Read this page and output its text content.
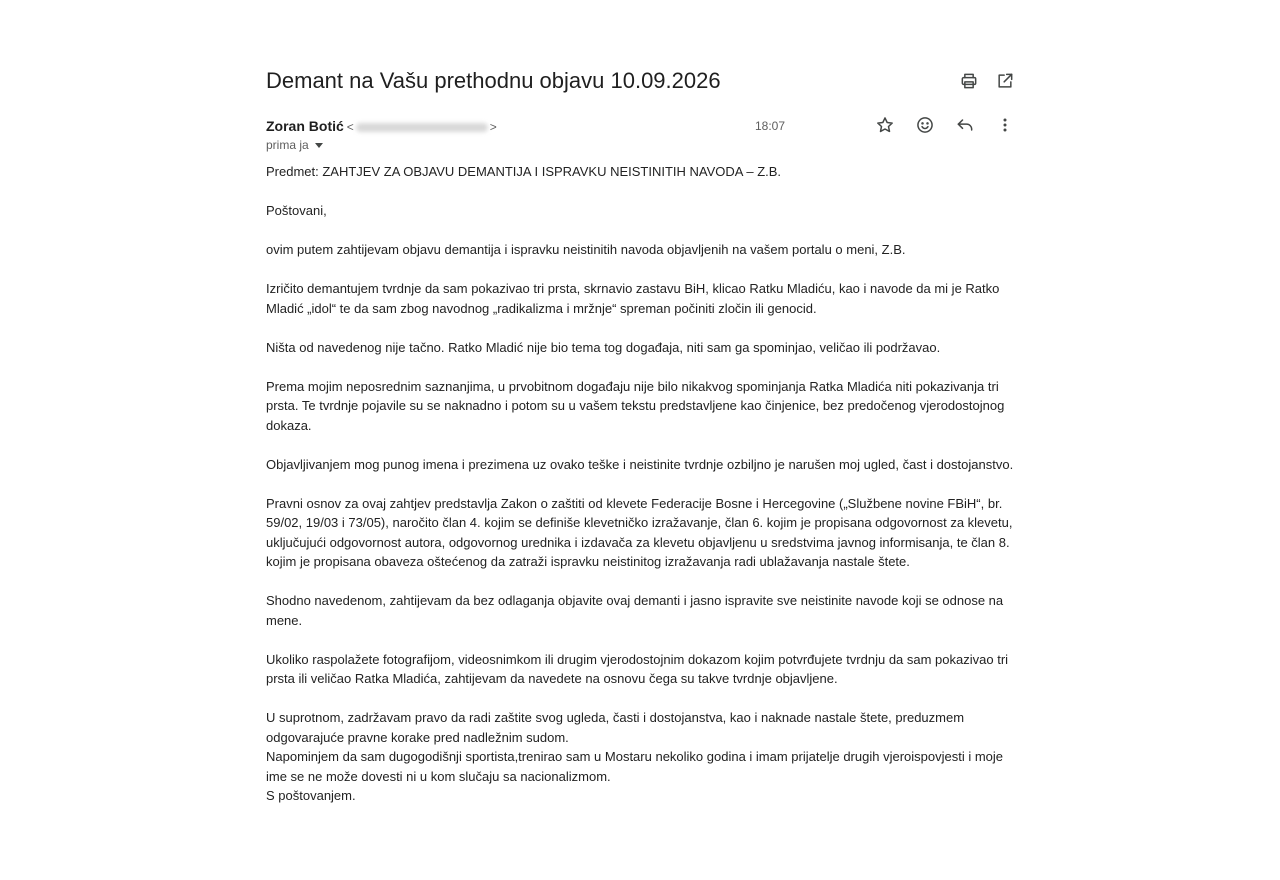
Demant na Vašu prethodnu objavu 10.09.2026
Zoran Botić <	>	18:07
prima ja

Predmet: ZAHTJEV ZA OBJAVU DEMANTIJA I ISPRAVKU NEISTINITIH NAVODA – Z.B.

Poštovani,

ovim putem zahtijevam objavu demantija i ispravku neistinitih navoda objavljenih na vašem portalu o meni, Z.B.

Izričito demantujem tvrdnje da sam pokazivao tri prsta, skrnavio zastavu BiH, klicao Ratku Mladiću, kao i navode da mi je Ratko Mladić „idol“ te da sam zbog navodnog „radikalizma i mržnje“ spreman počiniti zločin ili genocid.

Ništa od navedenog nije tačno. Ratko Mladić nije bio tema tog događaja, niti sam ga spominjao, veličao ili podržavao.

Prema mojim neposrednim saznanjima, u prvobitnom događaju nije bilo nikakvog spominjanja Ratka Mladića niti pokazivanja tri prsta. Te tvrdnje pojavile su se naknadno i potom su u vašem tekstu predstavljene kao činjenice, bez predočenog vjerodostojnog dokaza.

Objavljivanjem mog punog imena i prezimena uz ovako teške i neistinite tvrdnje ozbiljno je narušen moj ugled, čast i dostojanstvo.

Pravni osnov za ovaj zahtjev predstavlja Zakon o zaštiti od klevete Federacije Bosne i Hercegovine („Službene novine FBiH“, br. 59/02, 19/03 i 73/05), naročito član 4. kojim se definiše klevetničko izražavanje, član 6. kojim je propisana odgovornost za klevetu, uključujući odgovornost autora, odgovornog urednika i izdavača za klevetu objavljenu u sredstvima javnog informisanja, te član 8. kojim je propisana obaveza oštećenog da zatraži ispravku neistinitog izražavanja radi ublažavanja nastale štete.

Shodno navedenom, zahtijevam da bez odlaganja objavite ovaj demanti i jasno ispravite sve neistinite navode koji se odnose na mene.

Ukoliko raspolažete fotografijom, videosnimkom ili drugim vjerodostojnim dokazom kojim potvrđujete tvrdnju da sam pokazivao tri prsta ili veličao Ratka Mladića, zahtijevam da navedete na osnovu čega su takve tvrdnje objavljene.

U suprotnom, zadržavam pravo da radi zaštite svog ugleda, časti i dostojanstva, kao i naknade nastale štete, preduzmem odgovarajuće pravne korake pred nadležnim sudom.

Napominjem da sam dugogodišnji sportista,trenirao sam u Mostaru nekoliko godina i imam prijatelje drugih vjeroispovjesti i moje ime se ne može dovesti ni u kom slučaju sa nacionalizmom.

S poštovanjem.
